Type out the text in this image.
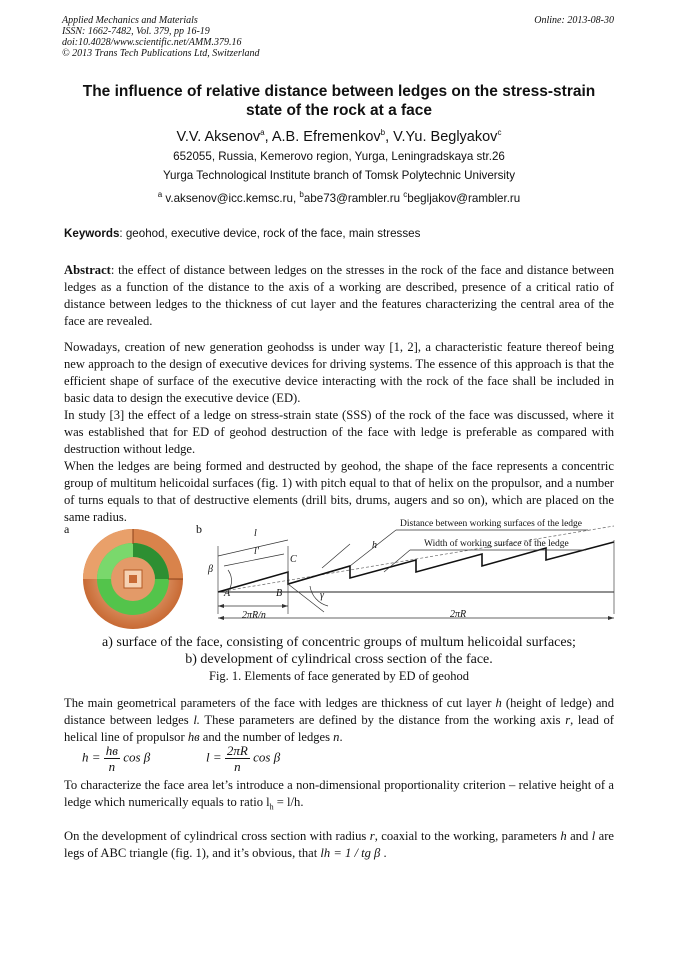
Applied Mechanics and Materials
ISSN: 1662-7482, Vol. 379, pp 16-19
doi:10.4028/www.scientific.net/AMM.379.16
© 2013 Trans Tech Publications Ltd, Switzerland
Online: 2013-08-30
The influence of relative distance between ledges on the stress-strain
state of the rock at a face
V.V. Aksenov$^a$, A.B. Efremenkov$^b$, V.Yu. Beglyakov$^c$
652055, Russia, Kemerovo region, Yurga, Leningradskaya str.26
Yurga Technological Institute branch of Tomsk Polytechnic University
$^a$ v.aksenov@icc.kemsc.ru, $^b$abe73@rambler.ru $^c$begljakov@rambler.ru
Keywords: geohod, executive device, rock of the face, main stresses
Abstract: the effect of distance between ledges on the stresses in the rock of the face and distance between ledges as a function of the distance to the axis of a working are described, presence of a critical ratio of distance between ledges to the thickness of cut layer and the features characterizing the central area of the face are revealed.
Nowadays, creation of new generation geohodss is under way [1, 2], a characteristic feature thereof being new approach to the design of executive devices for driving systems. The essence of this approach is that the efficient shape of surface of the executive device interacting with the rock of the face shall be included in basic data to design the executive device (ED).
In study [3] the effect of a ledge on stress-strain state (SSS) of the rock of the face was discussed, where it was established that for ED of geohod destruction of the face with ledge is preferable as compared with destruction without ledge.
When the ledges are being formed and destructed by geohod, the shape of the face represents a concentric group of multitum helicoidal surfaces (fig. 1) with pitch equal to that of helix on the propulsor, and a number of turns equals to that of destructive elements (drill bits, drums, augers and so on), which are placed on the same radius.
a	b	Distance between working surfaces of the ledge
Width of working surface of the ledge
l
l'
h
C
A	B
β
γ
2πR/n	2πR
a) surface of the face, consisting of concentric groups of multum helicoidal surfaces;
b) development of cylindrical cross section of the face.
Fig. 1. Elements of face generated by ED of geohod
The main geometrical parameters of the face with ledges are thickness of cut layer h (height of ledge) and distance between ledges l. These parameters are defined by the distance from the working axis r, lead of helical line of propulsor hв and the number of ledges n.
$h = \frac{hв}{n}$ cos β	$l = \frac{2\pi R}{n}$ cos β
To characterize the face area let’s introduce a non-dimensional proportionality criterion – relative height of a ledge which numerically equals to ratio $l_h = l/h$.
On the development of cylindrical cross section with radius r, coaxial to the working, parameters h and l are legs of ABC triangle (fig. 1), and it’s obvious, that lh = 1 / tg β .
